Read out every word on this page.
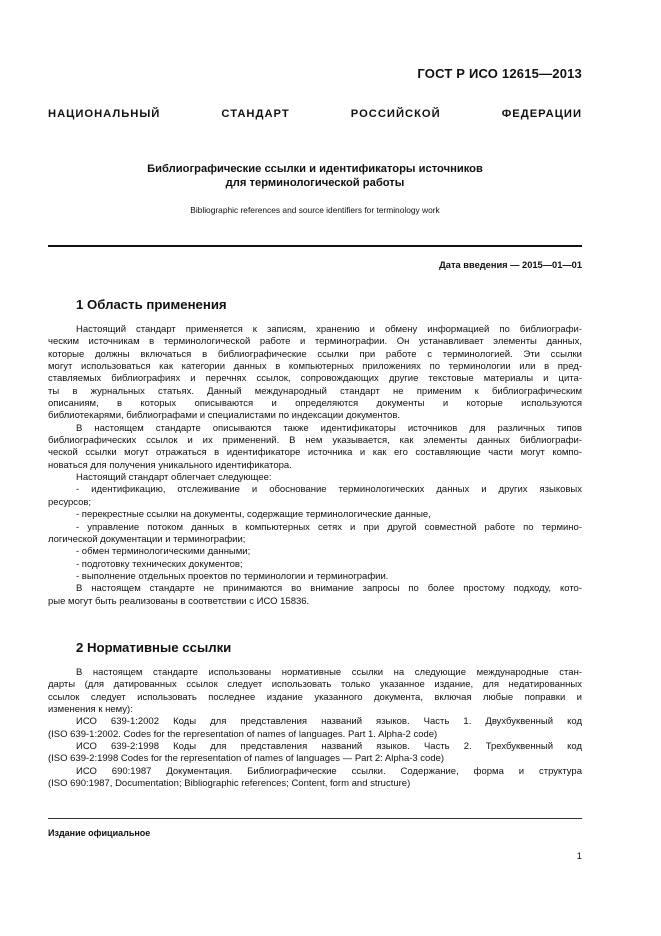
ГОСТ Р ИСО 12615—2013
НАЦИОНАЛЬНЫЙ СТАНДАРТ РОССИЙСКОЙ ФЕДЕРАЦИИ
Библиографические ссылки и идентификаторы источников
для терминологической работы
Bibliographic references and source identifiers for terminology work
Дата введения — 2015—01—01
1 Область применения
Настоящий стандарт применяется к записям, хранению и обмену информацией по библиографи-
ческим источникам в терминологической работе и терминографии. Он устанавливает элементы данных,
которые должны включаться в библиографические ссылки при работе с терминологией. Эти ссылки
могут использоваться как категории данных в компьютерных приложениях по терминологии или в пред-
ставляемых библиографиях и перечнях ссылок, сопровождающих другие текстовые материалы и цита-
ты в журнальных статьях. Данный международный стандарт не применим к библиографическим
описаниям, в которых описываются и определяются документы и которые используются
библиотекарями, библиографами и специалистами по индексации документов.
В настоящем стандарте описываются также идентификаторы источников для различных типов
библиографических ссылок и их применений. В нем указывается, как элементы данных библиографи-
ческой ссылки могут отражаться в идентификаторе источника и как его составляющие части могут компо-
новаться для получения уникального идентификатора.
Настоящий стандарт облегчает следующее:
- идентификацию, отслеживание и обоснование терминологических данных и других языковых
ресурсов;
- перекрестные ссылки на документы, содержащие терминологические данные,
- управление потоком данных в компьютерных сетях и при другой совместной работе по термино-
логической документации и терминографии;
- обмен терминологическими данными;
- подготовку технических документов;
- выполнение отдельных проектов по терминологии и терминографии.
В настоящем стандарте не принимаются во внимание запросы по более простому подходу, кото-
рые могут быть реализованы в соответствии с ИСО 15836.
2 Нормативные ссылки
В настоящем стандарте использованы нормативные ссылки на следующие международные стан-
дарты (для датированных ссылок следует использовать только указанное издание, для недатированных
ссылок следует использовать последнее издание указанного документа, включая любые поправки и
изменения к нему):
ИСО 639-1:2002 Коды для представления названий языков. Часть 1. Двухбуквенный код
(ISO 639-1:2002. Codes for the representation of names of languages. Part 1. Alpha-2 code)
ИСО 639-2:1998 Коды для представления названий языков. Часть 2. Трехбуквенный код
(ISO 639-2:1998 Codes for the representation of names of languages — Part 2: Alpha-3 code)
ИСО 690:1987 Документация. Библиографические ссылки. Содержание, форма и структура
(ISO 690:1987, Documentation; Bibliographic references; Content, form and structure)
Издание официальное
1
